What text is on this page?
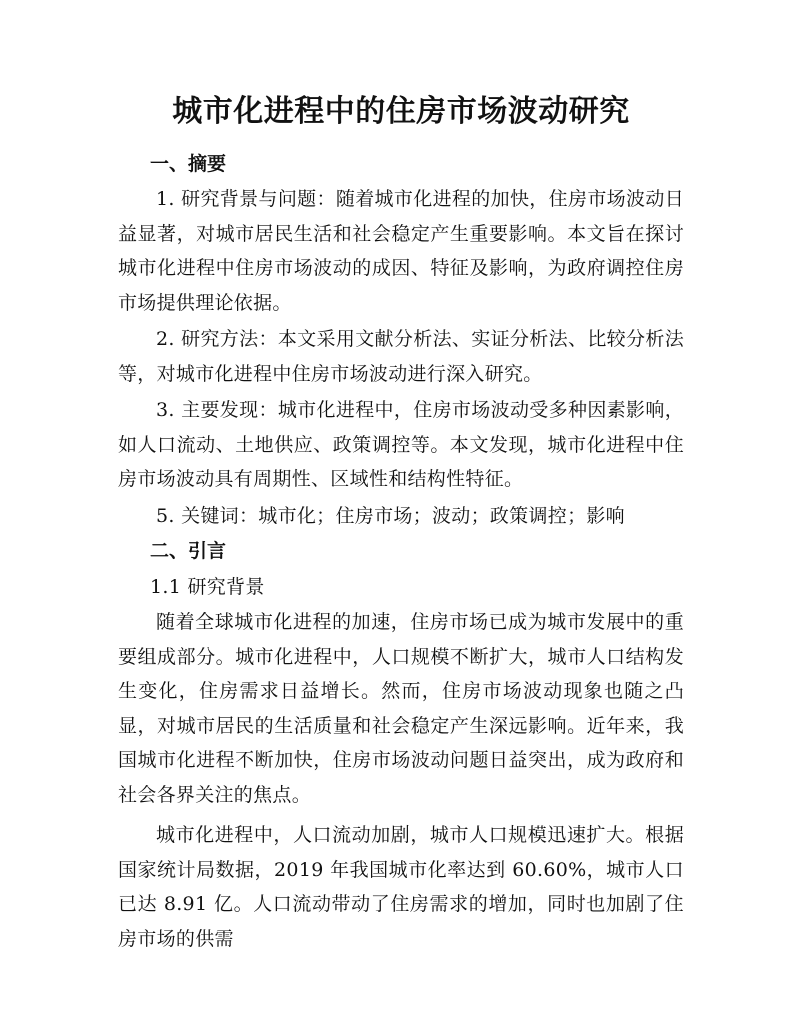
城市化进程中的住房市场波动研究

一、摘要

1. 研究背景与问题：随着城市化进程的加快，住房市场波动日益显著，对城市居民生活和社会稳定产生重要影响。本文旨在探讨城市化进程中住房市场波动的成因、特征及影响，为政府调控住房市场提供理论依据。

2. 研究方法：本文采用文献分析法、实证分析法、比较分析法等，对城市化进程中住房市场波动进行深入研究。

3. 主要发现：城市化进程中，住房市场波动受多种因素影响，如人口流动、土地供应、政策调控等。本文发现，城市化进程中住房市场波动具有周期性、区域性和结构性特征。

5. 关键词：城市化；住房市场；波动；政策调控；影响

二、引言

1.1 研究背景

随着全球城市化进程的加速，住房市场已成为城市发展中的重要组成部分。城市化进程中，人口规模不断扩大，城市人口结构发生变化，住房需求日益增长。然而，住房市场波动现象也随之凸显，对城市居民的生活质量和社会稳定产生深远影响。近年来，我国城市化进程不断加快，住房市场波动问题日益突出，成为政府和社会各界关注的焦点。

城市化进程中，人口流动加剧，城市人口规模迅速扩大。根据国家统计局数据，2019 年我国城市化率达到 60.60%，城市人口已达 8.91 亿。人口流动带动了住房需求的增加，同时也加剧了住房市场的供需
